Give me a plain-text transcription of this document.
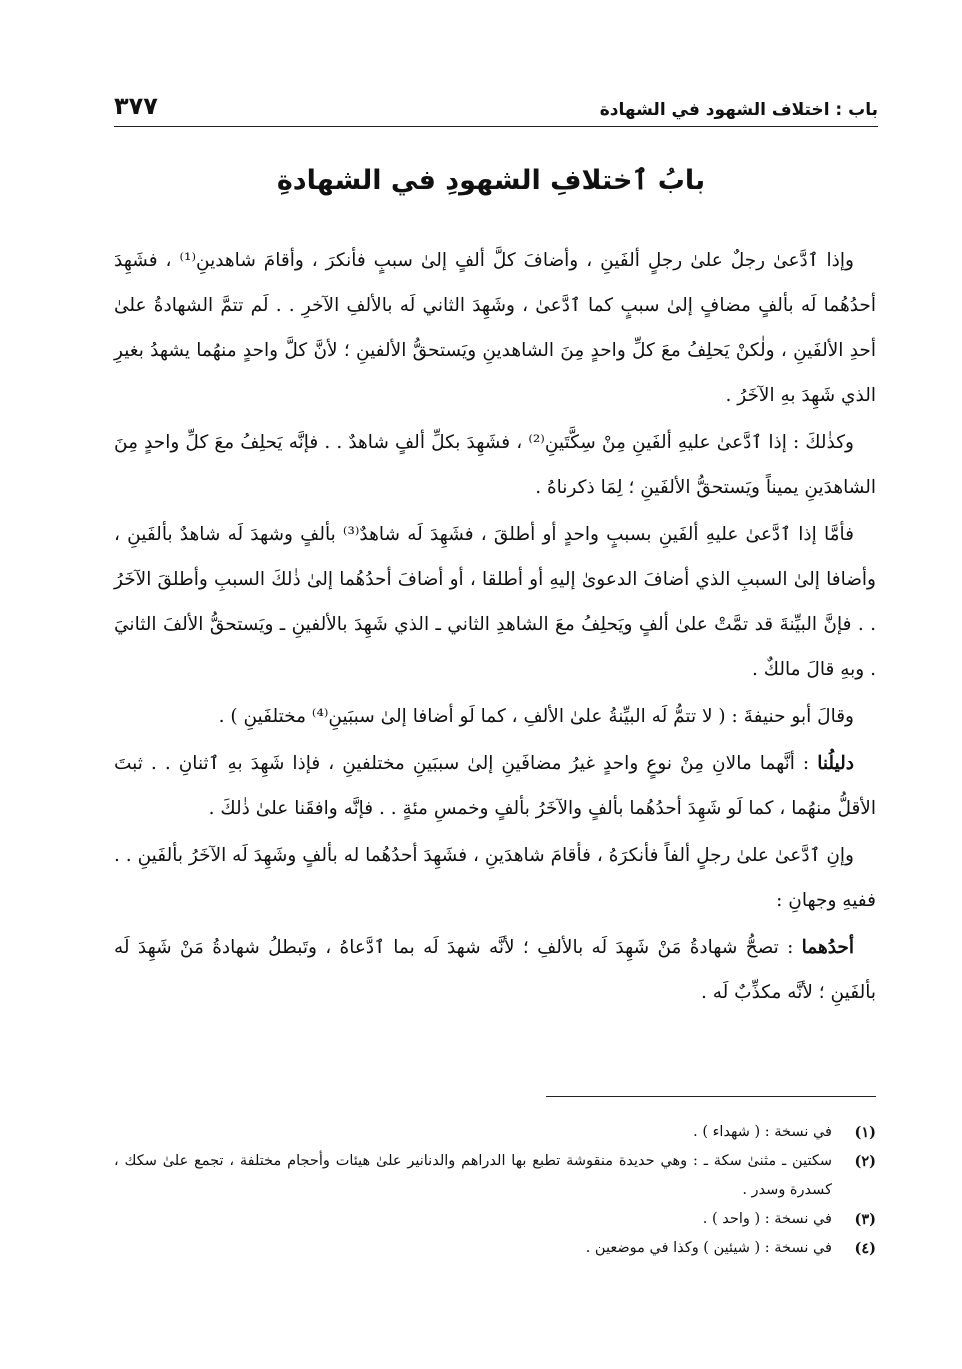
باب : اختلاف الشهود في الشهادة
٣٧٧
بابُ ٱختلافِ الشهودِ في الشهادةِ

وإذا ٱدَّعىٰ رجلٌ علىٰ رجلٍ ألفَينِ ، وأضافَ كلَّ ألفٍ إلىٰ سببٍ فأنكرَ ، وأقامَ شاهدينِ⁽¹⁾ ، فشَهِدَ أحدُهُما لَه بألفٍ مضافٍ إلىٰ سببٍ كما ٱدَّعىٰ ، وشَهِدَ الثاني لَه بالألفِ الآخرِ . . لَم تتمَّ الشهادةُ علىٰ أحدِ الألفَينِ ، ولٰكنْ يَحلِفُ معَ كلِّ واحدٍ مِنَ الشاهدينِ ويَستحقُّ الألفينِ ؛ لأنَّ كلَّ واحدٍ منهُما يشهدُ بغيرِ الذي شَهِدَ بهِ الآخَرُ .

وكذٰلكَ : إذا ٱدَّعىٰ عليهِ ألفَينِ مِنْ سِكَّتَينِ⁽²⁾ ، فشَهِدَ بكلِّ ألفٍ شاهدٌ . . فإنَّه يَحلِفُ معَ كلِّ واحدٍ مِنَ الشاهدَينِ يميناً ويَستحقُّ الألفَينِ ؛ لِمَا ذكرناهُ .

فأمَّا إذا ٱدَّعىٰ عليهِ ألفَينِ بسببٍ واحدٍ أو أطلقَ ، فشَهِدَ لَه شاهدٌ⁽³⁾ بألفٍ وشهدَ لَه شاهدٌ بألفَينِ ، وأضافا إلىٰ السببِ الذي أضافَ الدعوىٰ إليهِ أو أطلقا ، أو أضافَ أحدُهُما إلىٰ ذٰلكَ السببِ وأطلقَ الآخَرُ . . فإنَّ البيِّنةَ قد تمَّتْ علىٰ ألفٍ ويَحلِفُ معَ الشاهدِ الثاني ـ الذي شَهِدَ بالألفينِ ـ ويَستحقُّ الألفَ الثانيَ . وبهِ قالَ مالكٌ .

وقالَ أبو حنيفةَ : ( لا تتمُّ لَه البيِّنةُ علىٰ الألفِ ، كما لَو أضافا إلىٰ سببَينِ⁽⁴⁾ مختلفَينِ ) .

دليلُنا : أنَّهما مالانِ مِنْ نوعٍ واحدٍ غيرُ مضافَينِ إلىٰ سببَينِ مختلفينِ ، فإذا شَهِدَ بهِ ٱثنانِ . . ثبتَ الأقلُّ منهُما ، كما لَو شَهِدَ أحدُهُما بألفٍ والآخَرُ بألفٍ وخمسِ مئةٍ . . فإنَّه وافقَنا علىٰ ذٰلكَ .

وإنِ ٱدَّعىٰ علىٰ رجلٍ ألفاً فأنكرَهُ ، فأقامَ شاهدَينِ ، فشَهِدَ أحدُهُما له بألفٍ وشَهِدَ لَه الآخَرُ بألفَينِ . . ففيهِ وجهانِ :

أحدُهما : تصحُّ شهادةُ مَنْ شَهِدَ لَه بالألفِ ؛ لأنَّه شهدَ لَه بما ٱدَّعاهُ ، وتَبطلُ شهادةُ مَنْ شَهِدَ لَه بألفَينِ ؛ لأنَّه مكذِّبٌ لَه .

(١)
في نسخة : ( شهداء ) .
(٢)
سكتين ـ مثنىٰ سكة ـ : وهي حديدة منقوشة تطبع بها الدراهم والدنانير علىٰ هيئات وأحجام مختلفة ، تجمع علىٰ سكك ، كسدرة وسدر .
(٣)
في نسخة : ( واحد ) .
(٤)
في نسخة : ( شيئين ) وكذا في موضعين .
